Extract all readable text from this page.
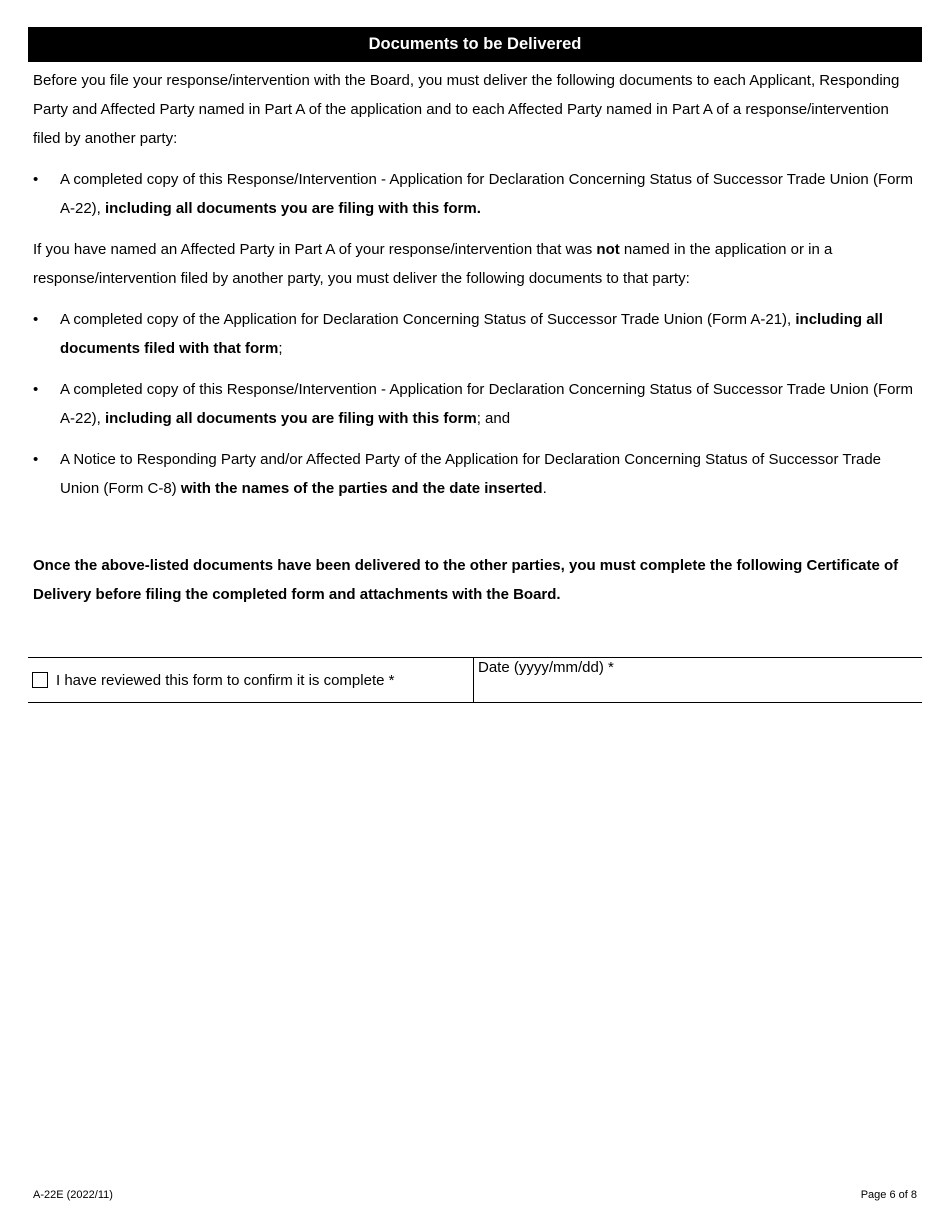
Documents to be Delivered

Before you file your response/intervention with the Board, you must deliver the following documents to each Applicant, Responding Party and Affected Party named in Part A of the application and to each Affected Party named in Part A of a response/intervention filed by another party:

• A completed copy of this Response/Intervention - Application for Declaration Concerning Status of Successor Trade Union (Form A-22), including all documents you are filing with this form.

If you have named an Affected Party in Part A of your response/intervention that was not named in the application or in a response/intervention filed by another party, you must deliver the following documents to that party:

• A completed copy of the Application for Declaration Concerning Status of Successor Trade Union (Form A-21), including all documents filed with that form;
• A completed copy of this Response/Intervention - Application for Declaration Concerning Status of Successor Trade Union (Form A-22), including all documents you are filing with this form; and
• A Notice to Responding Party and/or Affected Party of the Application for Declaration Concerning Status of Successor Trade Union (Form C-8) with the names of the parties and the date inserted.

Once the above-listed documents have been delivered to the other parties, you must complete the following Certificate of Delivery before filing the completed form and attachments with the Board.

I have reviewed this form to confirm it is complete *
Date (yyyy/mm/dd) *
A-22E (2022/11)	Page 6 of 8
